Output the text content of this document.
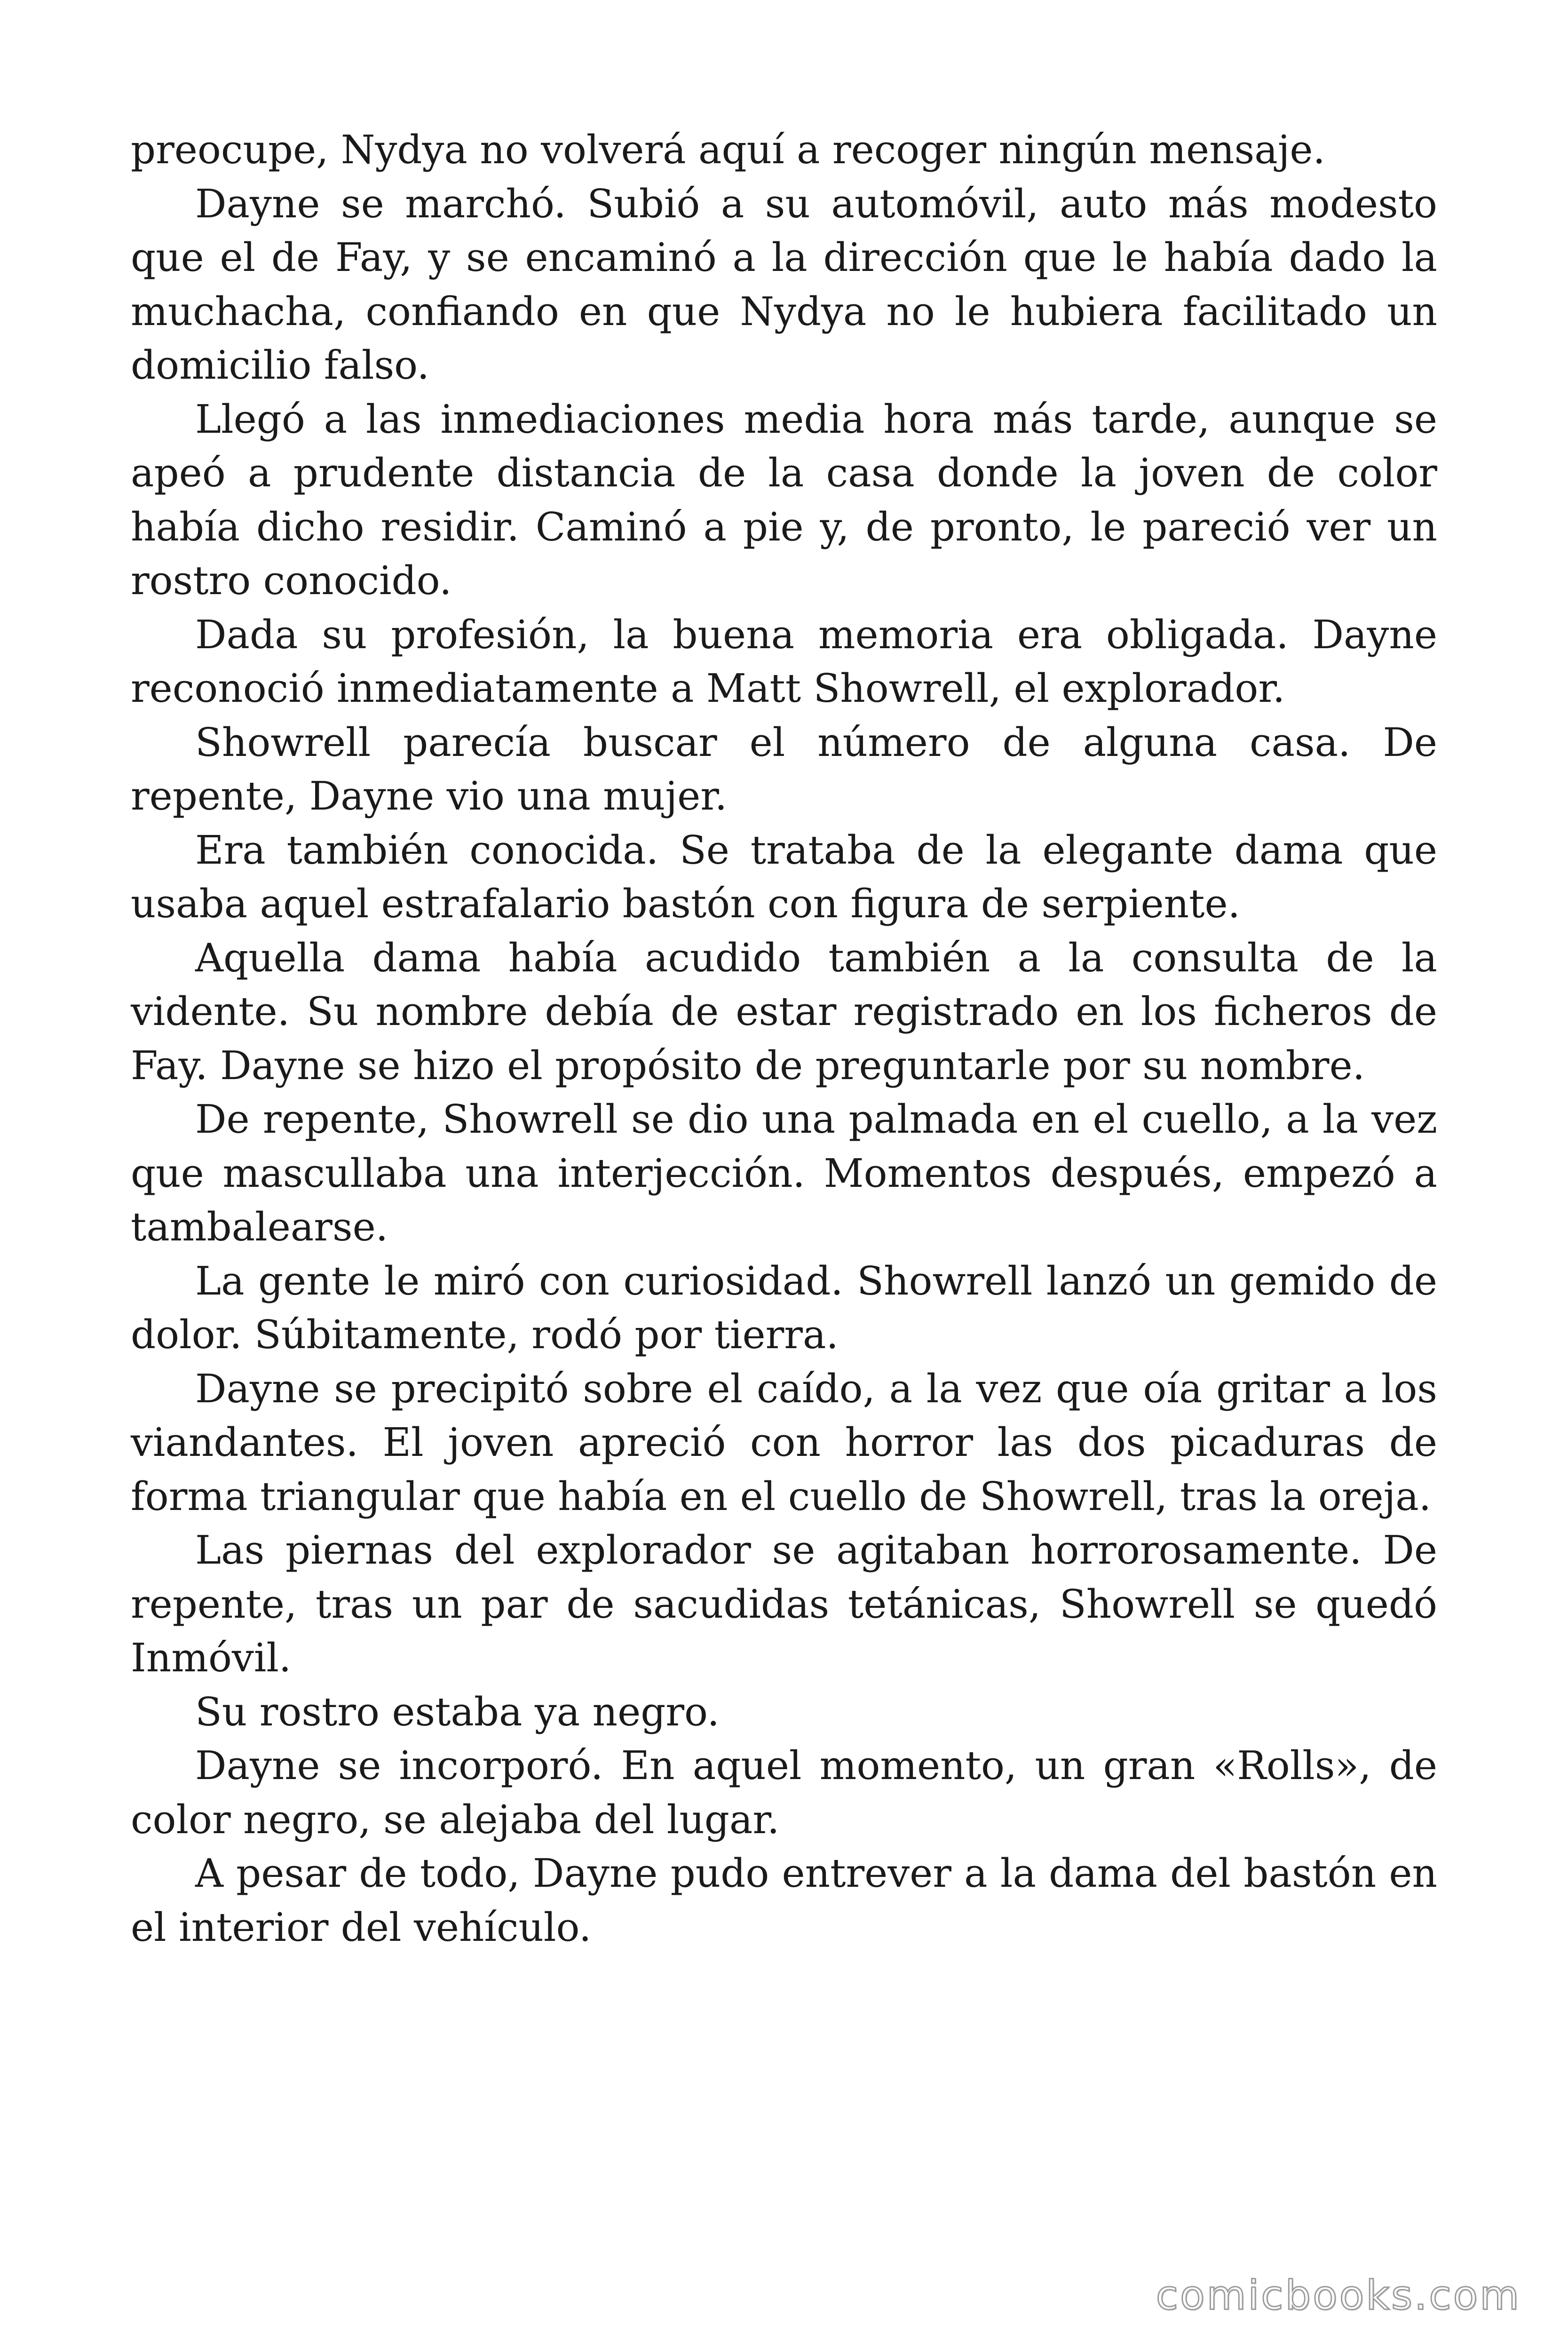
preocupe, Nydya no volverá aquí a recoger ningún mensaje.

Dayne se marchó. Subió a su automóvil, auto más modesto que el de Fay, y se encaminó a la dirección que le había dado la muchacha, confiando en que Nydya no le hubiera facilitado un domicilio falso.

Llegó a las inmediaciones media hora más tarde, aunque se apeó a prudente distancia de la casa donde la joven de color había dicho residir. Caminó a pie y, de pronto, le pareció ver un rostro conocido.

Dada su profesión, la buena memoria era obligada. Dayne reconoció inmediatamente a Matt Showrell, el explorador.

Showrell parecía buscar el número de alguna casa. De repente, Dayne vio una mujer.

Era también conocida. Se trataba de la elegante dama que usaba aquel estrafalario bastón con figura de serpiente.

Aquella dama había acudido también a la consulta de la vidente. Su nombre debía de estar registrado en los ficheros de Fay. Dayne se hizo el propósito de preguntarle por su nombre.

De repente, Showrell se dio una palmada en el cuello, a la vez que mascullaba una interjección. Momentos después, empezó a tambalearse.

La gente le miró con curiosidad. Showrell lanzó un gemido de dolor. Súbitamente, rodó por tierra.

Dayne se precipitó sobre el caído, a la vez que oía gritar a los viandantes. El joven apreció con horror las dos picaduras de forma triangular que había en el cuello de Showrell, tras la oreja.

Las piernas del explorador se agitaban horrorosamente. De repente, tras un par de sacudidas tetánicas, Showrell se quedó Inmóvil.

Su rostro estaba ya negro.

Dayne se incorporó. En aquel momento, un gran «Rolls», de color negro, se alejaba del lugar.

A pesar de todo, Dayne pudo entrever a la dama del bastón en el interior del vehículo.

comicbooks.com
